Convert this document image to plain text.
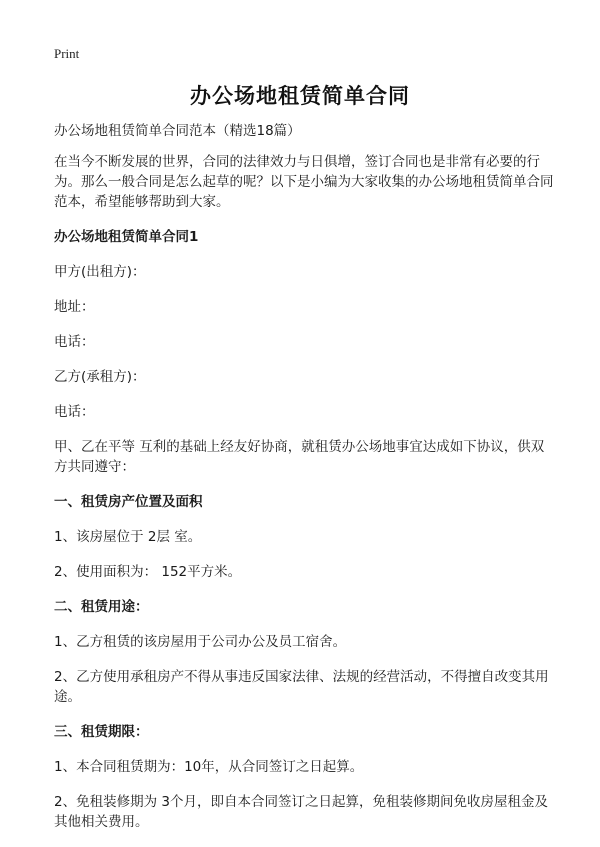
Print
办公场地租赁简单合同

办公场地租赁简单合同范本（精选18篇）

在当今不断发展的世界，合同的法律效力与日俱增，签订合同也是非常有必要的行为。那么一般合同是怎么起草的呢？以下是小编为大家收集的办公场地租赁简单合同范本，希望能够帮助到大家。

办公场地租赁简单合同1

甲方(出租方)：

地址：

电话：

乙方(承租方)：

电话：

甲、乙在平等 互利的基础上经友好协商，就租赁办公场地事宜达成如下协议，供双方共同遵守：

一、租赁房产位置及面积

1、该房屋位于 2层 室。

2、使用面积为： 152平方米。

二、租赁用途：

1、乙方租赁的该房屋用于公司办公及员工宿舍。

2、乙方使用承租房产不得从事违反国家法律、法规的经营活动，不得擅自改变其用途。

三、租赁期限：

1、本合同租赁期为：10年，从合同签订之日起算。

2、免租装修期为 3个月，即自本合同签订之日起算，免租装修期间免收房屋租金及其他相关费用。
